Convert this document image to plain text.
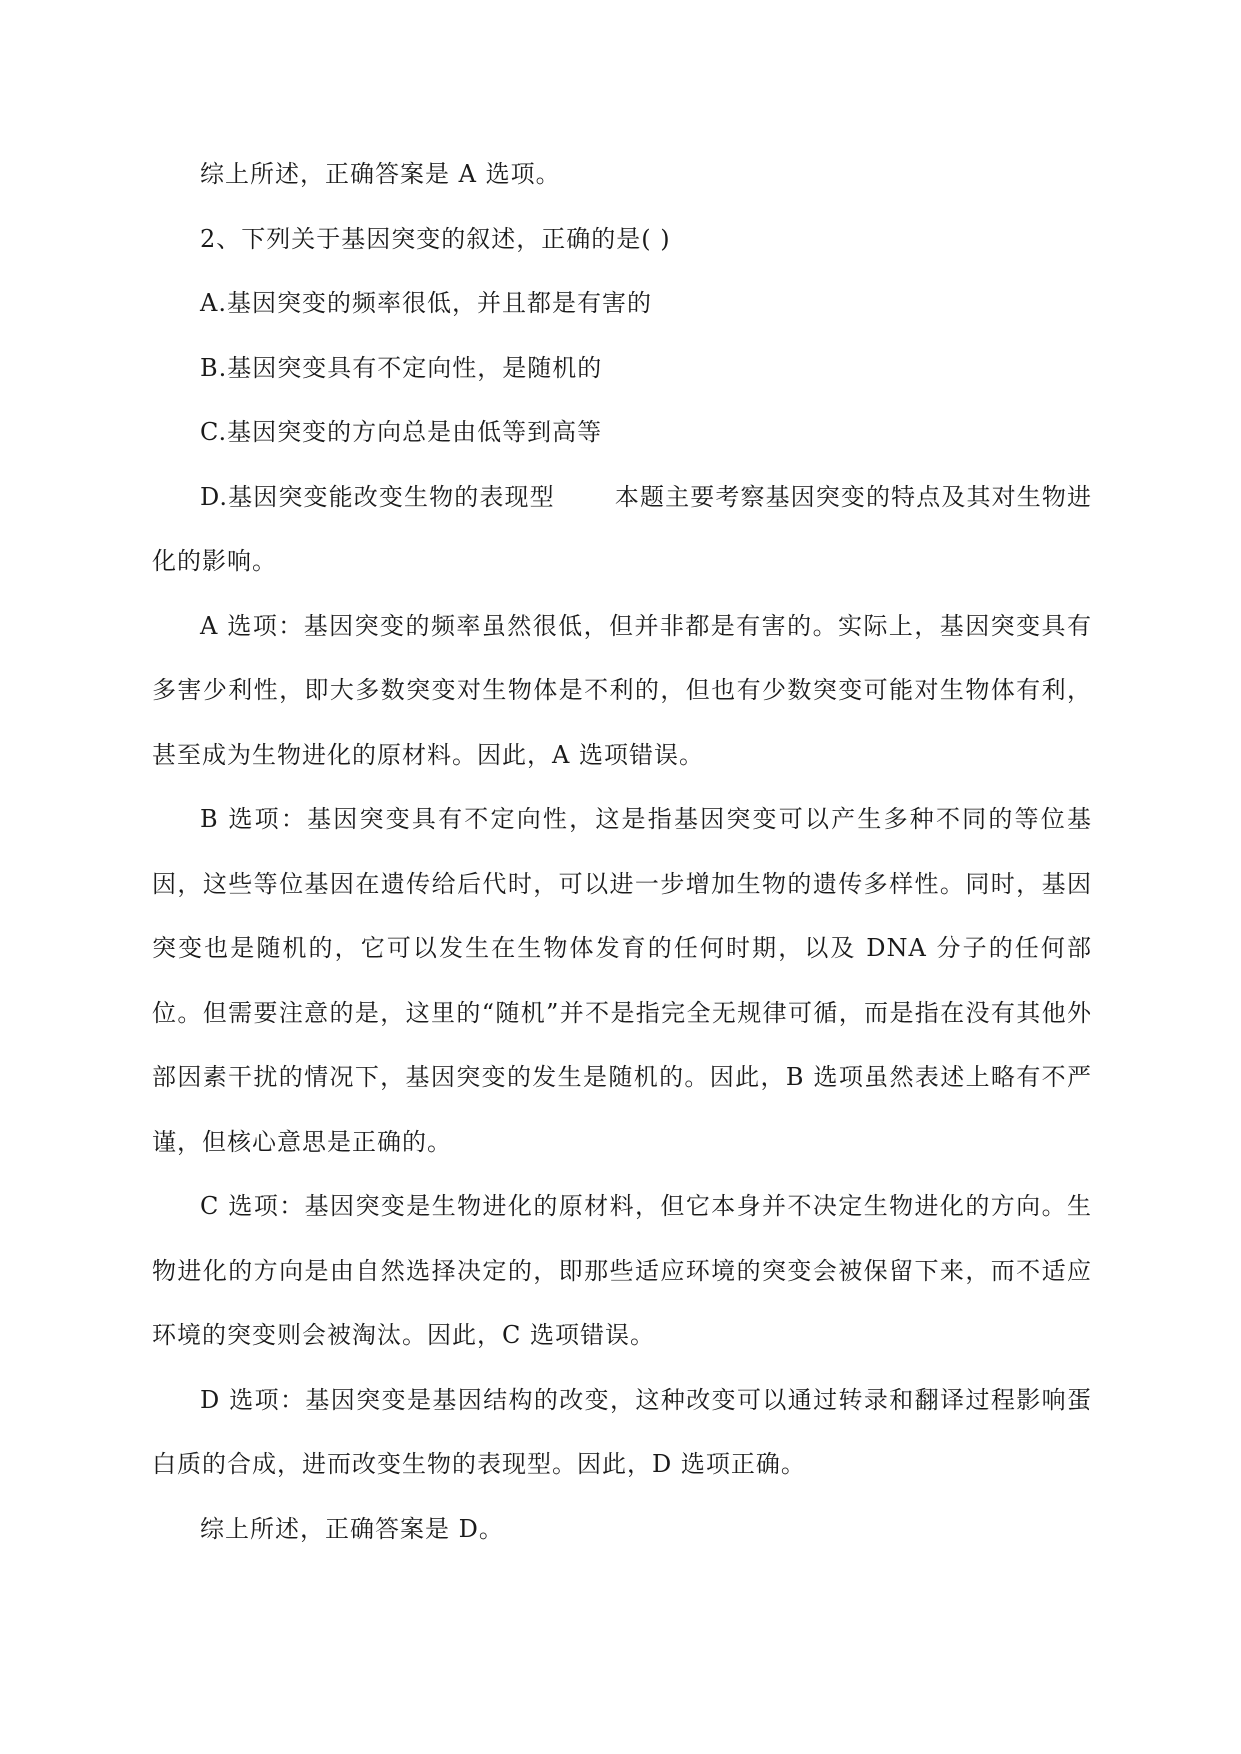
综上所述，正确答案是 A 选项。

2、下列关于基因突变的叙述，正确的是( )

A.基因突变的频率很低，并且都是有害的

B.基因突变具有不定向性，是随机的

C.基因突变的方向总是由低等到高等

D.基因突变能改变生物的表现型	本题主要考察基因突变的特点及其对生物进化的影响。

A 选项：基因突变的频率虽然很低，但并非都是有害的。实际上，基因突变具有多害少利性，即大多数突变对生物体是不利的，但也有少数突变可能对生物体有利，甚至成为生物进化的原材料。因此，A 选项错误。

B 选项：基因突变具有不定向性，这是指基因突变可以产生多种不同的等位基因，这些等位基因在遗传给后代时，可以进一步增加生物的遗传多样性。同时，基因突变也是随机的，它可以发生在生物体发育的任何时期，以及 DNA 分子的任何部位。但需要注意的是，这里的“随机”并不是指完全无规律可循，而是指在没有其他外部因素干扰的情况下，基因突变的发生是随机的。因此，B 选项虽然表述上略有不严谨，但核心意思是正确的。

C 选项：基因突变是生物进化的原材料，但它本身并不决定生物进化的方向。生物进化的方向是由自然选择决定的，即那些适应环境的突变会被保留下来，而不适应环境的突变则会被淘汰。因此，C 选项错误。

D 选项：基因突变是基因结构的改变，这种改变可以通过转录和翻译过程影响蛋白质的合成，进而改变生物的表现型。因此，D 选项正确。

综上所述，正确答案是 D。
